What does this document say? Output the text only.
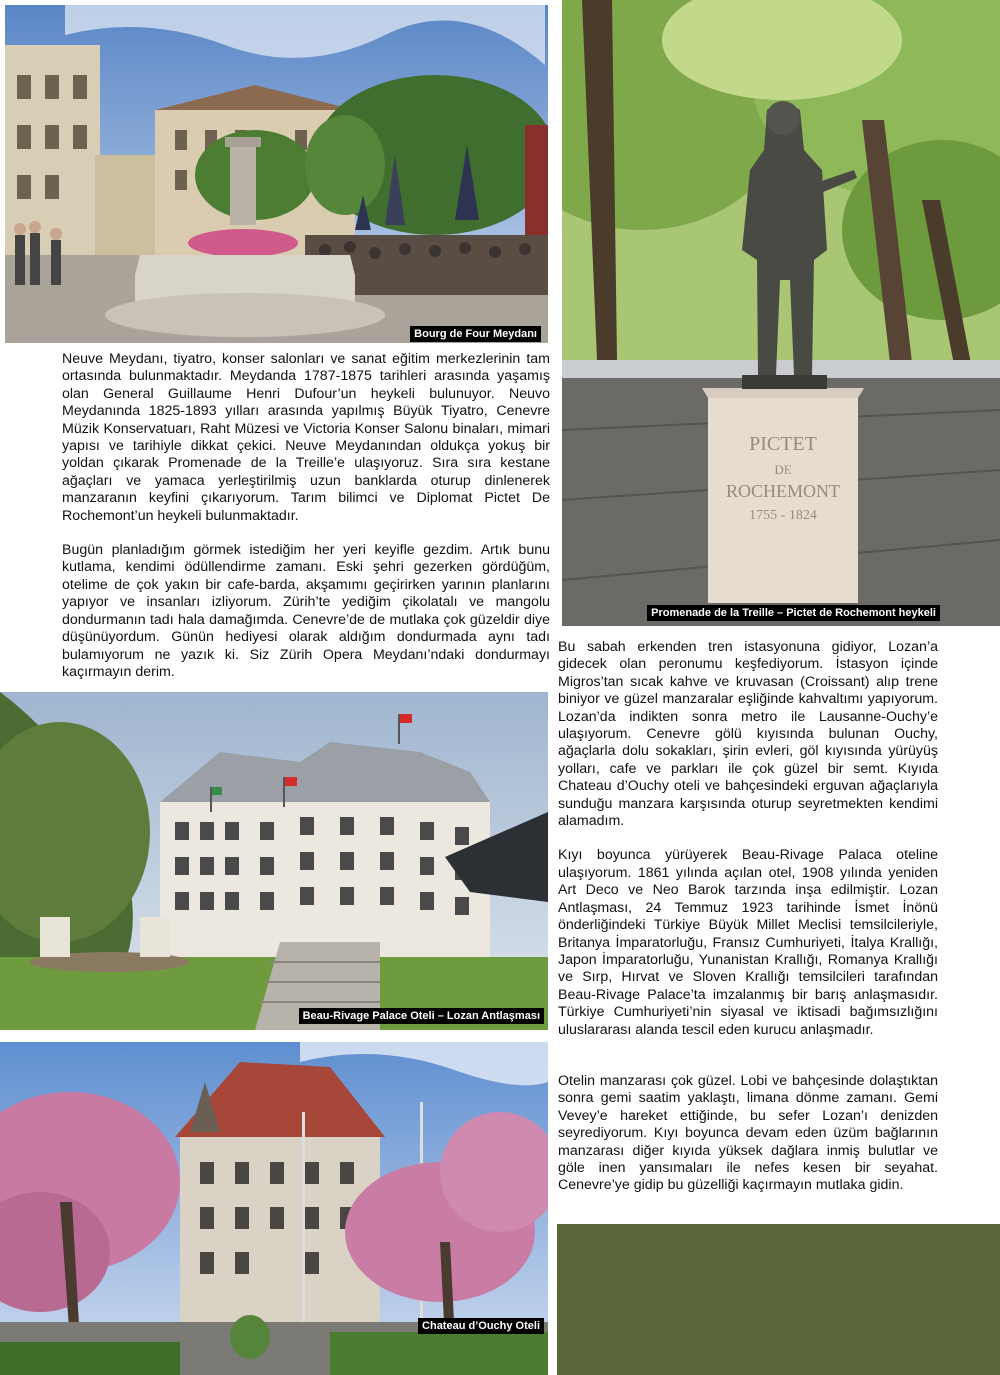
Bourg de Four Meydanı
PICTET
DE
ROCHEMONT
1755 - 1824
Promenade de la Treille – Pictet de Rochemont heykeli

Neuve Meydanı, tiyatro, konser salonları ve sanat eğitim merkezlerinin tam ortasında bulunmaktadır. Meydanda 1787-1875 tarihleri arasında yaşamış olan General Guillaume Henri Dufour’un heykeli bulunuyor. Neuvo Meydanında 1825-1893 yılları arasında yapılmış Büyük Tiyatro, Cenevre Müzik Konservatuarı, Raht Müzesi ve Victoria Konser Salonu binaları, mimari yapısı ve tarihiyle dikkat çekici. Neuve Meydanından oldukça yokuş bir yoldan çıkarak Promenade de la Treille’e ulaşıyoruz. Sıra sıra kestane ağaçları ve yamaca yerleştirilmiş uzun banklarda oturup dinlenerek manzaranın keyfini çıkarıyorum. Tarım bilimci ve Diplomat Pictet De Rochemont’un heykeli bulunmaktadır.

Bugün planladığım görmek istediğim her yeri keyifle gezdim. Artık bunu kutlama, kendimi ödüllendirme zamanı. Eski şehri gezerken gördüğüm, otelime de çok yakın bir cafe-barda, akşamımı geçirirken yarının planlarını yapıyor ve insanları izliyorum. Zürih’te yediğim çikolatalı ve mangolu dondurmanın tadı hala damağımda. Cenevre’de de mutlaka çok güzeldir diye düşünüyordum. Günün hediyesi olarak aldığım dondurmada aynı tadı bulamıyorum ne yazık ki. Siz Zürih Opera Meydanı’ndaki dondurmayı kaçırmayın derim.

Bu sabah erkenden tren istasyonuna gidiyor, Lozan’a gidecek olan peronumu keşfediyorum. İstasyon içinde Migros’tan sıcak kahve ve kruvasan (Croissant) alıp trene biniyor ve güzel manzaralar eşliğinde kahvaltımı yapıyorum. Lozan’da indikten sonra metro ile Lausanne-Ouchy’e ulaşıyorum. Cenevre gölü kıyısında bulunan Ouchy, ağaçlarla dolu sokakları, şirin evleri, göl kıyısında yürüyüş yolları, cafe ve parkları ile çok güzel bir semt. Kıyıda Chateau d’Ouchy oteli ve bahçesindeki erguvan ağaçlarıyla sunduğu manzara karşısında oturup seyretmekten kendimi alamadım.

Kıyı boyunca yürüyerek Beau-Rivage Palaca oteline ulaşıyorum. 1861 yılında açılan otel, 1908 yılında yeniden Art Deco ve Neo Barok tarzında inşa edilmiştir. Lozan Antlaşması, 24 Temmuz 1923 tarihinde İsmet İnönü önderliğindeki Türkiye Büyük Millet Meclisi temsilcileriyle, Britanya İmparatorluğu, Fransız Cumhuriyeti, İtalya Krallığı, Japon İmparatorluğu, Yunanistan Krallığı, Romanya Krallığı ve Sırp, Hırvat ve Sloven Krallığı temsilcileri tarafından Beau-Rivage Palace’ta imzalanmış bir barış anlaşmasıdır. Türkiye Cumhuriyeti’nin siyasal ve iktisadi bağımsızlığını uluslararası alanda tescil eden kurucu anlaşmadır.

Otelin manzarası çok güzel. Lobi ve bahçesinde dolaştıktan sonra gemi saatim yaklaştı, limana dönme zamanı. Gemi Vevey’e hareket ettiğinde, bu sefer Lozan’ı denizden seyrediyorum. Kıyı boyunca devam eden üzüm bağlarının manzarası diğer kıyıda yüksek dağlara inmiş bulutlar ve göle inen yansımaları ile nefes kesen bir seyahat. Cenevre’ye gidip bu güzelliği kaçırmayın mutlaka gidin.

Beau-Rivage Palace Oteli – Lozan Antlaşması
Chateau d’Ouchy Oteli
